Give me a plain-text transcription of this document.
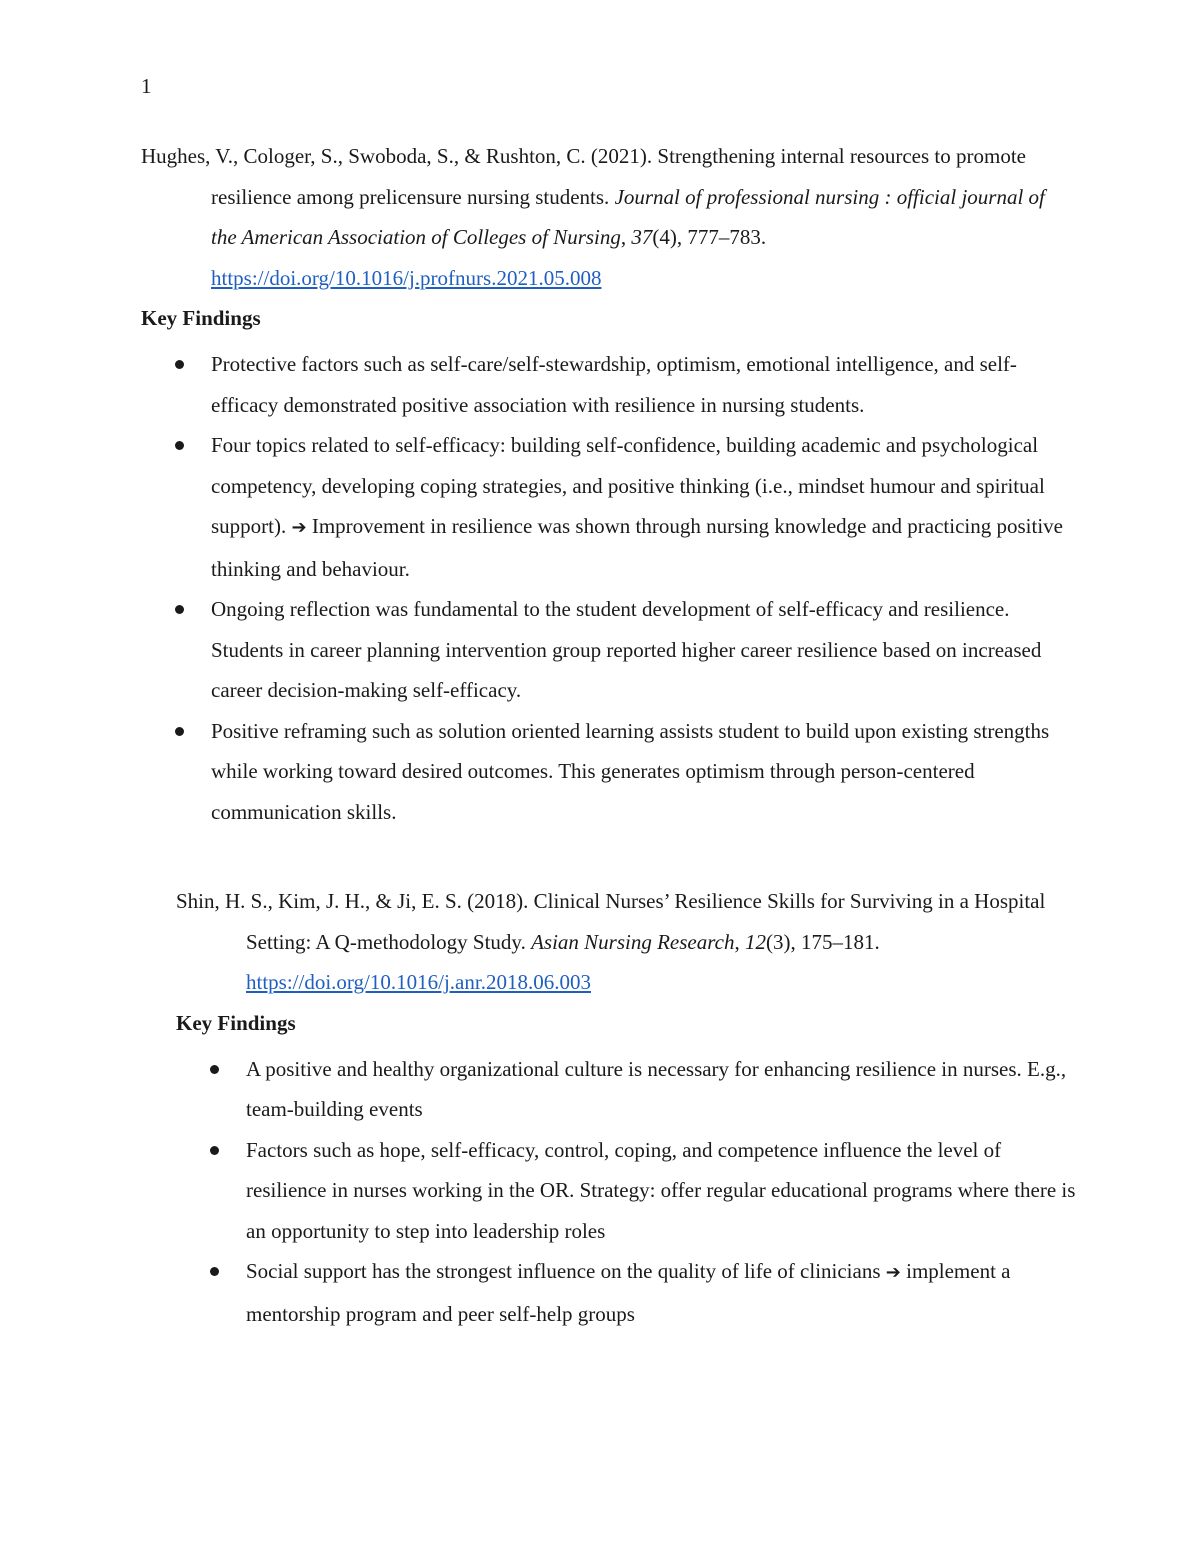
1

Hughes, V., Cologer, S., Swoboda, S., & Rushton, C. (2021). Strengthening internal resources to promote resilience among prelicensure nursing students. Journal of professional nursing : official journal of the American Association of Colleges of Nursing, 37(4), 777–783. https://doi.org/10.1016/j.profnurs.2021.05.008

Key Findings
Protective factors such as self-care/self-stewardship, optimism, emotional intelligence, and self-efficacy demonstrated positive association with resilience in nursing students.
Four topics related to self-efficacy: building self-confidence, building academic and psychological competency, developing coping strategies, and positive thinking (i.e., mindset humour and spiritual support). ➔ Improvement in resilience was shown through nursing knowledge and practicing positive thinking and behaviour.
Ongoing reflection was fundamental to the student development of self-efficacy and resilience. Students in career planning intervention group reported higher career resilience based on increased career decision-making self-efficacy.
Positive reframing such as solution oriented learning assists student to build upon existing strengths while working toward desired outcomes. This generates optimism through person-centered communication skills.

Shin, H. S., Kim, J. H., & Ji, E. S. (2018). Clinical Nurses’ Resilience Skills for Surviving in a Hospital Setting: A Q-methodology Study. Asian Nursing Research, 12(3), 175–181. https://doi.org/10.1016/j.anr.2018.06.003

Key Findings
A positive and healthy organizational culture is necessary for enhancing resilience in nurses. E.g., team-building events
Factors such as hope, self-efficacy, control, coping, and competence influence the level of resilience in nurses working in the OR. Strategy: offer regular educational programs where there is an opportunity to step into leadership roles
Social support has the strongest influence on the quality of life of clinicians ➔ implement a mentorship program and peer self-help groups
